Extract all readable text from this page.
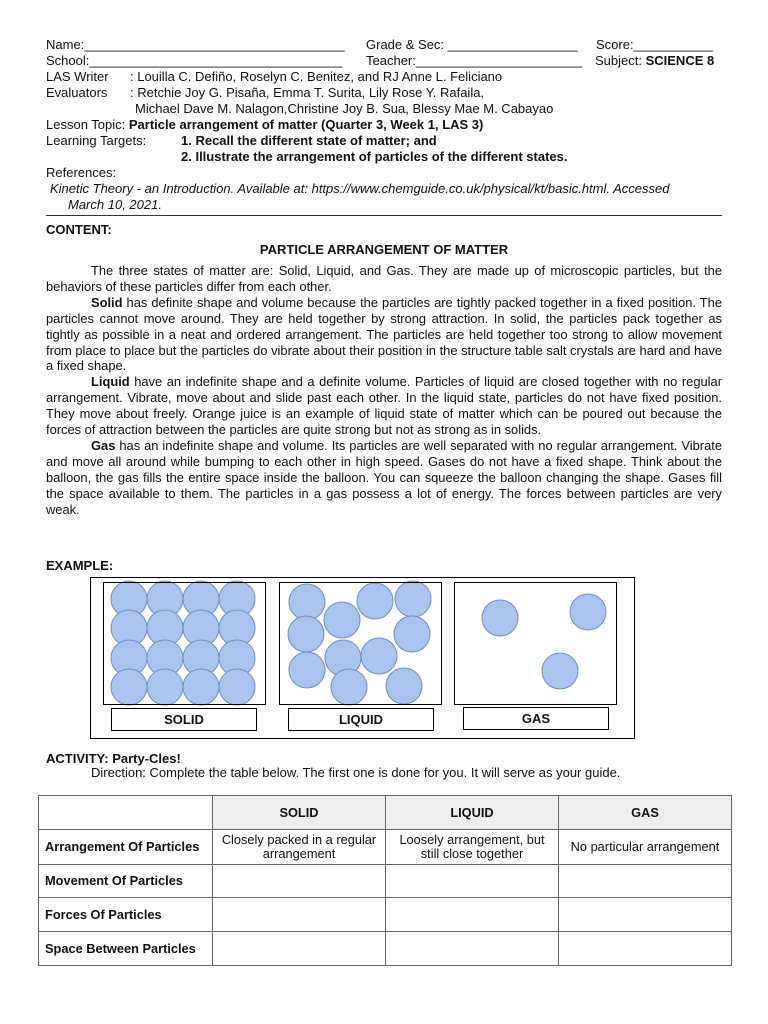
Name:____________________________________ Grade & Sec: __________________ Score:___________
School:___________________________________ Teacher:_______________________ Subject: SCIENCE 8
LAS Writer : Louilla C. Defiño, Roselyn C. Benitez, and RJ Anne L. Feliciano
Evaluators : Retchie Joy G. Pisaña, Emma T. Surita, Lily Rose Y. Rafaila,
Michael Dave M. Nalagon,Christine Joy B. Sua, Blessy Mae M. Cabayao
Lesson Topic: Particle arrangement of matter (Quarter 3, Week 1, LAS 3)
Learning Targets:	1. Recall the different state of matter; and
2. Illustrate the arrangement of particles of the different states.
References:
Kinetic Theory - an Introduction. Available at: https://www.chemguide.co.uk/physical/kt/basic.html. Accessed
March 10, 2021.
CONTENT:
PARTICLE ARRANGEMENT OF MATTER
The three states of matter are: Solid, Liquid, and Gas. They are made up of microscopic particles, but the behaviors of these particles differ from each other.
Solid has definite shape and volume because the particles are tightly packed together in a fixed position. The particles cannot move around. They are held together by strong attraction. In solid, the particles pack together as tightly as possible in a neat and ordered arrangement. The particles are held together too strong to allow movement from place to place but the particles do vibrate about their position in the structure table salt crystals are hard and have a fixed shape.
Liquid have an indefinite shape and a definite volume. Particles of liquid are closed together with no regular arrangement. Vibrate, move about and slide past each other. In the liquid state, particles do not have fixed position. They move about freely. Orange juice is an example of liquid state of matter which can be poured out because the forces of attraction between the particles are quite strong but not as strong as in solids.
Gas has an indefinite shape and volume. Its particles are well separated with no regular arrangement. Vibrate and move all around while bumping to each other in high speed. Gases do not have a fixed shape. Think about the balloon, the gas fills the entire space inside the balloon. You can squeeze the balloon changing the shape. Gases fill the space available to them. The particles in a gas possess a lot of energy. The forces between particles are very weak.
EXAMPLE:
SOLID	LIQUID	GAS
ACTIVITY: Party-Cles!
Direction: Complete the table below. The first one is done for you. It will serve as your guide.
	SOLID	LIQUID	GAS
Arrangement Of Particles	Closely packed in a regular arrangement	Loosely arrangement, but still close together	No particular arrangement
Movement Of Particles			
Forces Of Particles			
Space Between Particles			
